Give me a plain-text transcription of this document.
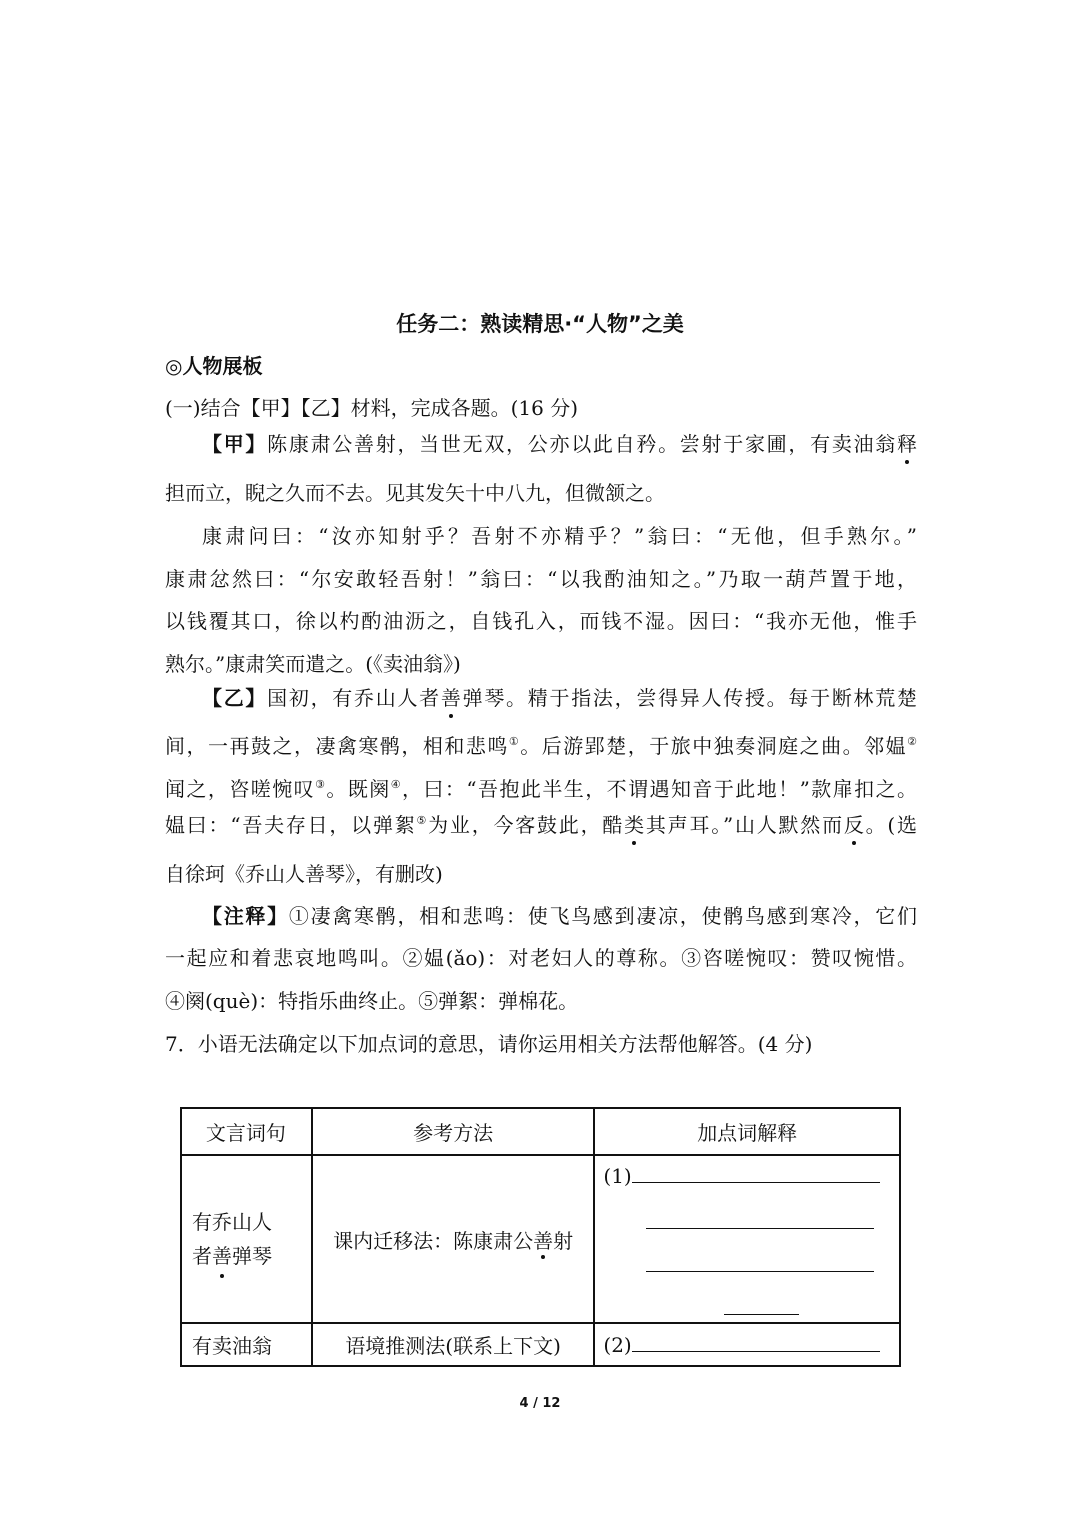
任务二：熟读精思·“人物”之美
◎人物展板
(一)结合【甲】【乙】材料，完成各题。(16 分)
【甲】陈康肃公善射，当世无双，公亦以此自矜。尝射于家圃，有卖油翁释
担而立，睨之久而不去。见其发矢十中八九，但微颔之。
康肃问曰：“汝亦知射乎？吾射不亦精乎？”翁曰：“无他，但手熟尔。”
康肃忿然曰：“尔安敢轻吾射！”翁曰：“以我酌油知之。”乃取一葫芦置于地，
以钱覆其口，徐以杓酌油沥之，自钱孔入，而钱不湿。因曰：“我亦无他，惟手
熟尔。”康肃笑而遣之。(《卖油翁》)
【乙】国初，有乔山人者善弹琴。精于指法，尝得异人传授。每于断林荒楚
间，一再鼓之，凄禽寒鹘，相和悲鸣①。后游郢楚，于旅中独奏洞庭之曲。邻媪②
闻之，咨嗟惋叹③。既阕④，曰：“吾抱此半生，不谓遇知音于此地！”款扉扣之。
媪曰：“吾夫存日，以弹絮⑤为业，今客鼓此，酷类其声耳。”山人默然而反。(选
自徐珂《乔山人善琴》，有删改)
【注释】①凄禽寒鹘，相和悲鸣：使飞鸟感到凄凉，使鹘鸟感到寒冷，它们
一起应和着悲哀地鸣叫。②媪(ǎo)：对老妇人的尊称。③咨嗟惋叹：赞叹惋惜。
④阕(què)：特指乐曲终止。⑤弹絮：弹棉花。
7．小语无法确定以下加点词的意思，请你运用相关方法帮他解答。(4 分)
文言词句	参考方法	加点词解释

有乔山人
者善弹琴	课内迁移法：陈康肃公善射	(1)

有卖油翁	语境推测法(联系上下文)	(2)
4 / 12
